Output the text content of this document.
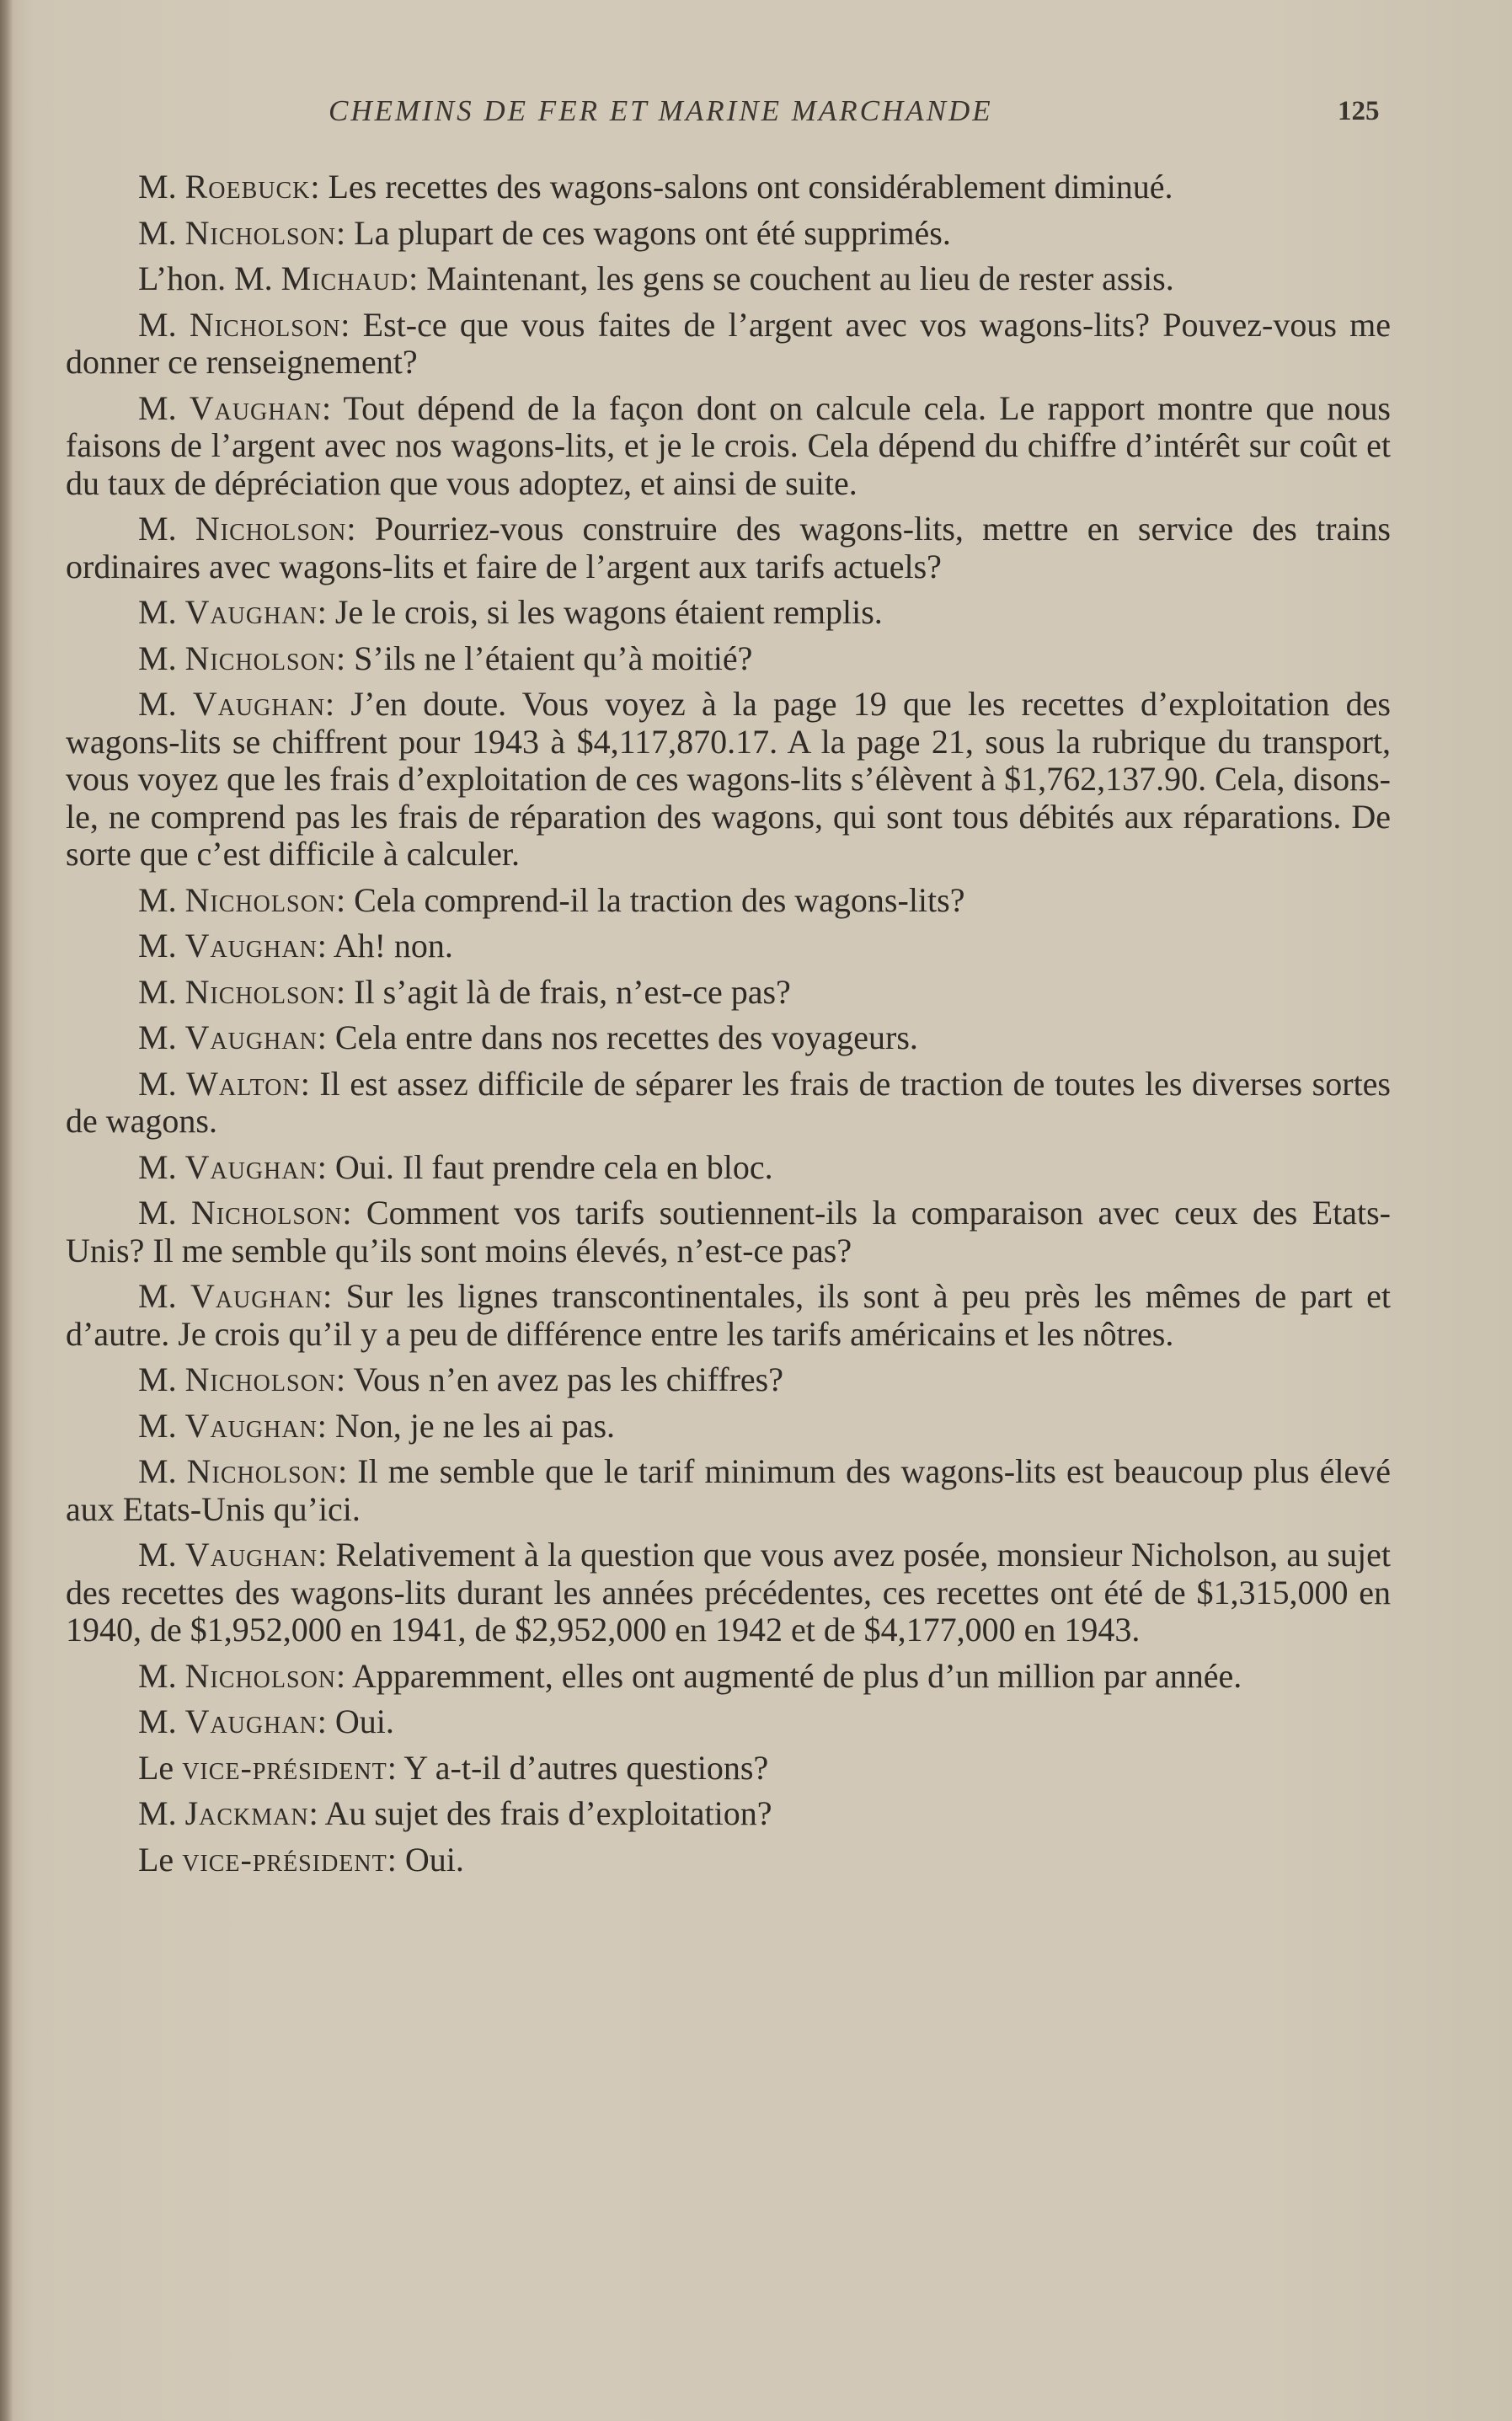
CHEMINS DE FER ET MARINE MARCHANDE	125

M. Roebuck: Les recettes des wagons-salons ont considérablement diminué.

M. Nicholson: La plupart de ces wagons ont été supprimés.

L’hon. M. Michaud: Maintenant, les gens se couchent au lieu de rester assis.

M. Nicholson: Est-ce que vous faites de l’argent avec vos wagons-lits? Pouvez-vous me donner ce renseignement?

M. Vaughan: Tout dépend de la façon dont on calcule cela. Le rapport montre que nous faisons de l’argent avec nos wagons-lits, et je le crois. Cela dépend du chiffre d’intérêt sur coût et du taux de dépréciation que vous adoptez, et ainsi de suite.

M. Nicholson: Pourriez-vous construire des wagons-lits, mettre en service des trains ordinaires avec wagons-lits et faire de l’argent aux tarifs actuels?

M. Vaughan: Je le crois, si les wagons étaient remplis.

M. Nicholson: S’ils ne l’étaient qu’à moitié?

M. Vaughan: J’en doute. Vous voyez à la page 19 que les recettes d’exploitation des wagons-lits se chiffrent pour 1943 à $4,117,870.17. A la page 21, sous la rubrique du transport, vous voyez que les frais d’exploitation de ces wagons-lits s’élèvent à $1,762,137.90. Cela, disons-le, ne comprend pas les frais de réparation des wagons, qui sont tous débités aux réparations. De sorte que c’est difficile à calculer.

M. Nicholson: Cela comprend-il la traction des wagons-lits?

M. Vaughan: Ah! non.

M. Nicholson: Il s’agit là de frais, n’est-ce pas?

M. Vaughan: Cela entre dans nos recettes des voyageurs.

M. Walton: Il est assez difficile de séparer les frais de traction de toutes les diverses sortes de wagons.

M. Vaughan: Oui. Il faut prendre cela en bloc.

M. Nicholson: Comment vos tarifs soutiennent-ils la comparaison avec ceux des Etats-Unis? Il me semble qu’ils sont moins élevés, n’est-ce pas?

M. Vaughan: Sur les lignes transcontinentales, ils sont à peu près les mêmes de part et d’autre. Je crois qu’il y a peu de différence entre les tarifs américains et les nôtres.

M. Nicholson: Vous n’en avez pas les chiffres?

M. Vaughan: Non, je ne les ai pas.

M. Nicholson: Il me semble que le tarif minimum des wagons-lits est beaucoup plus élevé aux Etats-Unis qu’ici.

M. Vaughan: Relativement à la question que vous avez posée, monsieur Nicholson, au sujet des recettes des wagons-lits durant les années précédentes, ces recettes ont été de $1,315,000 en 1940, de $1,952,000 en 1941, de $2,952,000 en 1942 et de $4,177,000 en 1943.

M. Nicholson: Apparemment, elles ont augmenté de plus d’un million par année.

M. Vaughan: Oui.

Le vice-président: Y a-t-il d’autres questions?

M. Jackman: Au sujet des frais d’exploitation?

Le vice-président: Oui.
